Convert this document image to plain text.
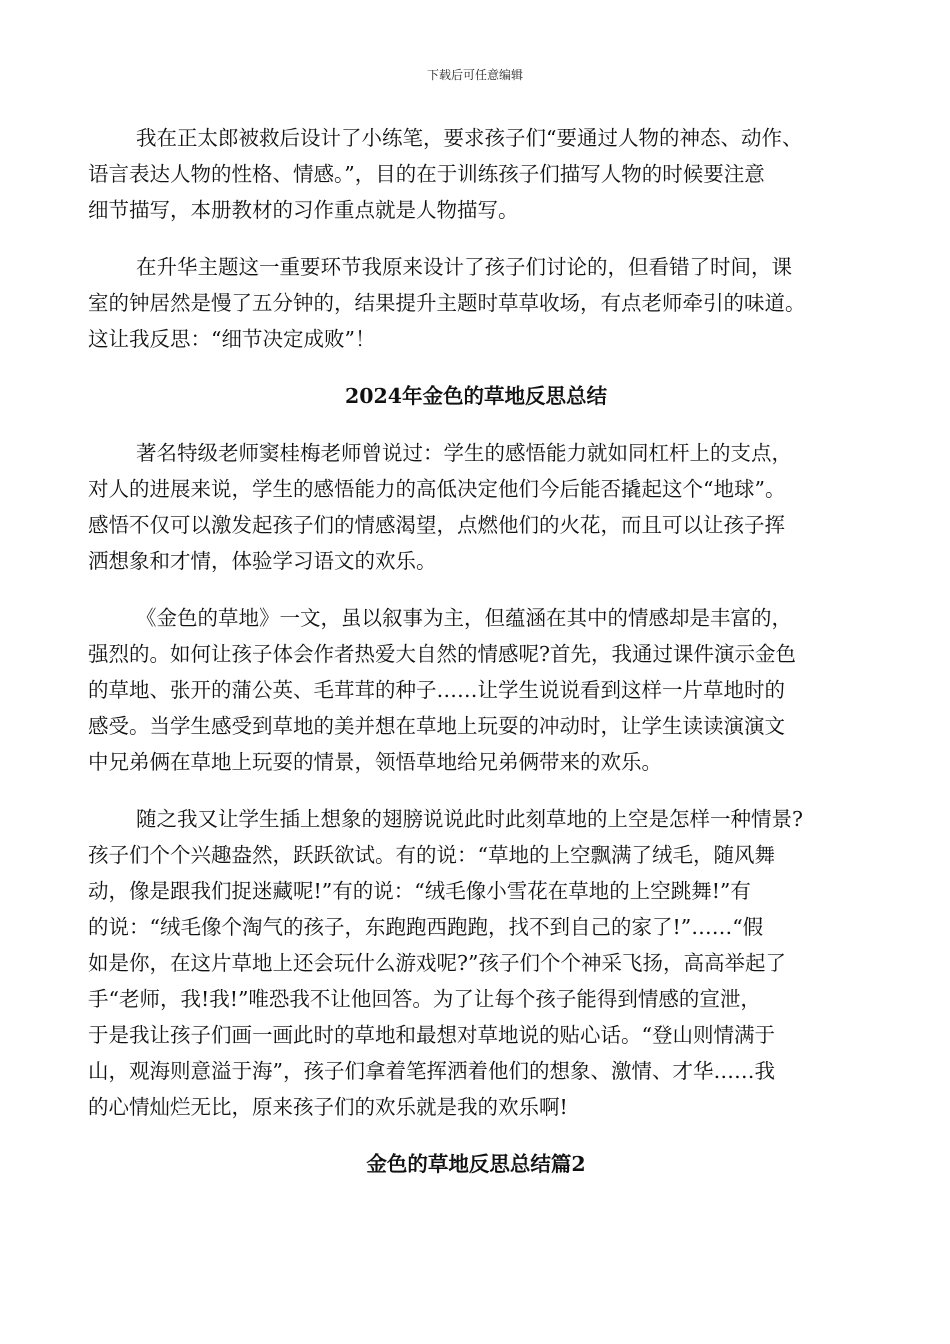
下载后可任意编辑
我在正太郎被救后设计了小练笔，要求孩子们“要通过人物的神态、动作、
语言表达人物的性格、情感。”，目的在于训练孩子们描写人物的时候要注意
细节描写，本册教材的习作重点就是人物描写。
在升华主题这一重要环节我原来设计了孩子们讨论的，但看错了时间，课
室的钟居然是慢了五分钟的，结果提升主题时草草收场，有点老师牵引的味道。
这让我反思：“细节决定成败”！
2024年金色的草地反思总结
著名特级老师窦桂梅老师曾说过：学生的感悟能力就如同杠杆上的支点，
对人的进展来说，学生的感悟能力的高低决定他们今后能否撬起这个“地球”。
感悟不仅可以激发起孩子们的情感渴望，点燃他们的火花，而且可以让孩子挥
洒想象和才情，体验学习语文的欢乐。
《金色的草地》一文，虽以叙事为主，但蕴涵在其中的情感却是丰富的，
强烈的。如何让孩子体会作者热爱大自然的情感呢?首先，我通过课件演示金色
的草地、张开的蒲公英、毛茸茸的种子……让学生说说看到这样一片草地时的
感受。当学生感受到草地的美并想在草地上玩耍的冲动时，让学生读读演演文
中兄弟俩在草地上玩耍的情景，领悟草地给兄弟俩带来的欢乐。
随之我又让学生插上想象的翅膀说说此时此刻草地的上空是怎样一种情景?
孩子们个个兴趣盎然，跃跃欲试。有的说：“草地的上空飘满了绒毛，随风舞
动，像是跟我们捉迷藏呢!”有的说：“绒毛像小雪花在草地的上空跳舞!”有
的说：“绒毛像个淘气的孩子，东跑跑西跑跑，找不到自己的家了!”……“假
如是你，在这片草地上还会玩什么游戏呢?”孩子们个个神采飞扬，高高举起了
手“老师，我!我!”唯恐我不让他回答。为了让每个孩子能得到情感的宣泄，
于是我让孩子们画一画此时的草地和最想对草地说的贴心话。“登山则情满于
山，观海则意溢于海”，孩子们拿着笔挥洒着他们的想象、激情、才华……我
的心情灿烂无比，原来孩子们的欢乐就是我的欢乐啊!
金色的草地反思总结篇2
